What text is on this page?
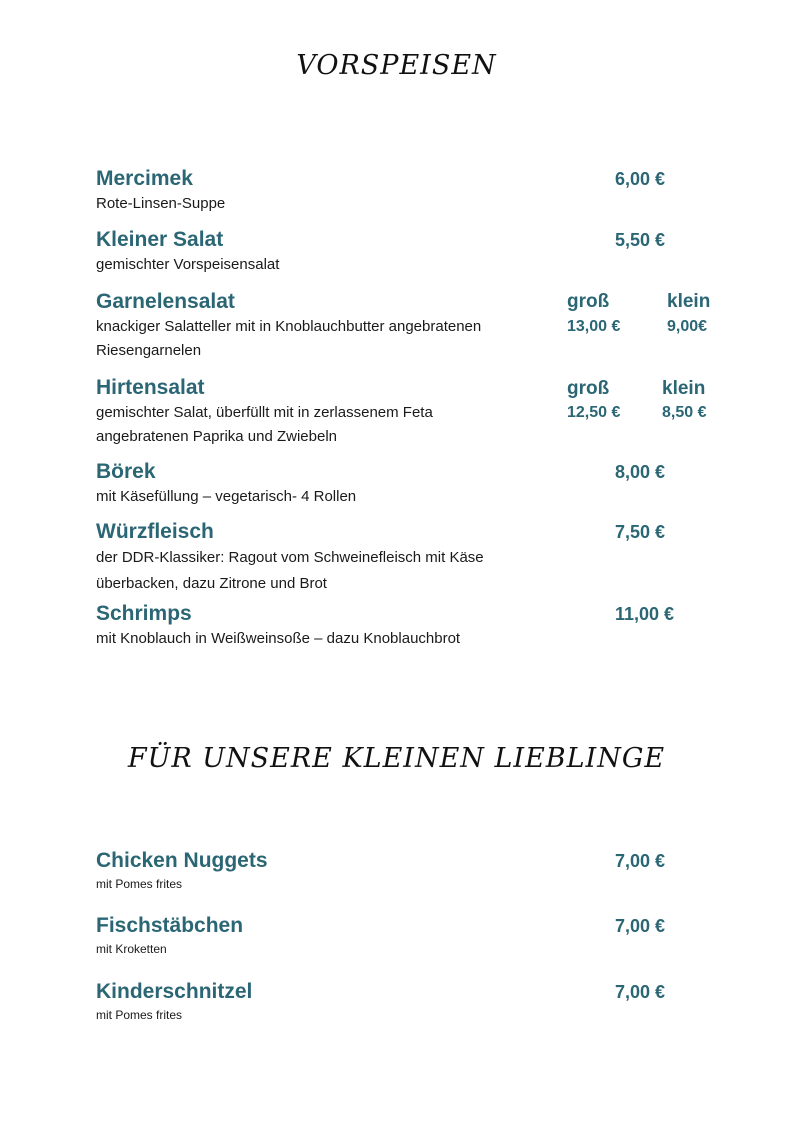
VORSPEISEN
Mercimek
Rote-Linsen-Suppe
6,00 €
Kleiner Salat
gemischter Vorspeisensalat
5,50 €
Garnelensalat
knackiger Salatteller mit in Knoblauchbutter angebratenen
Riesengarnelen
groß	klein
13,00 €	9,00€
Hirtensalat
gemischter Salat, überfüllt mit in zerlassenem Feta
angebratenen Paprika und Zwiebeln
groß	klein
12,50 €	8,50 €
Börek
mit Käsefüllung – vegetarisch- 4 Rollen
8,00 €
Würzfleisch
der DDR-Klassiker: Ragout vom Schweinefleisch mit Käse
überbacken, dazu Zitrone und Brot
7,50 €
Schrimps
mit Knoblauch in Weißweinsoße – dazu Knoblauchbrot
11,00 €
FÜR UNSERE KLEINEN LIEBLINGE
Chicken Nuggets
mit Pomes frites
7,00 €
Fischstäbchen
mit Kroketten
7,00 €
Kinderschnitzel
mit Pomes frites
7,00 €
